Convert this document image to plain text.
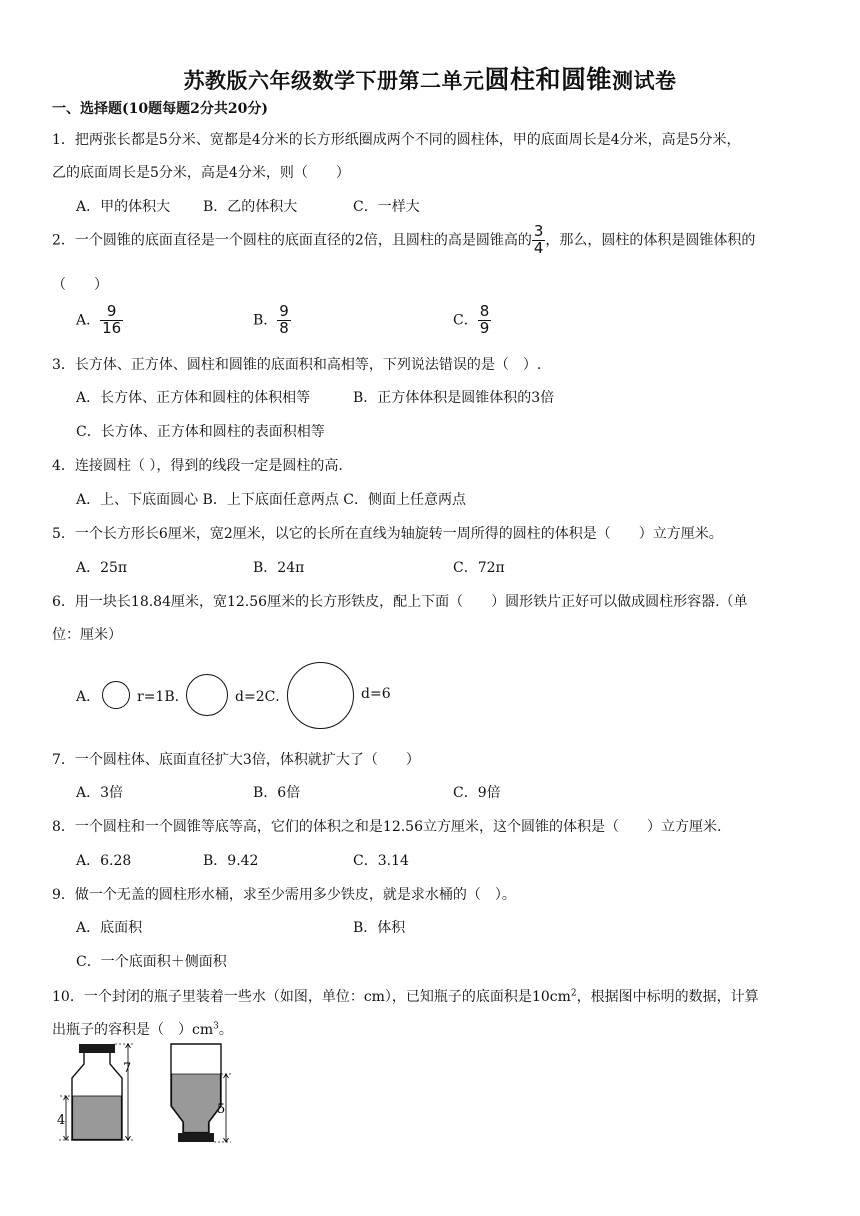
苏教版六年级数学下册第二单元圆柱和圆锥测试卷
一、选择题(10题每题2分共20分)
1．把两张长都是5分米、宽都是4分米的长方形纸圈成两个不同的圆柱体，甲的底面周长是4分米，高是5分米，
乙的底面周长是5分米，高是4分米，则（　　）
A．甲的体积大 B．乙的体积大	C．一样大
2．一个圆锥的底面直径是一个圆柱的底面直径的2倍，且圆柱的高是圆锥高的 $\frac{3}{4}$ ，那么，圆柱的体积是圆锥体积的
（　　）
A． $\frac{9}{16}$	B． $\frac{9}{8}$	C． $\frac{8}{9}$
3．长方体、正方体、圆柱和圆锥的底面积和高相等，下列说法错误的是（　）.
A．长方体、正方体和圆柱的体积相等	B．正方体体积是圆锥体积的3倍
C．长方体、正方体和圆柱的表面积相等
4．连接圆柱（ ），得到的线段一定是圆柱的高.
A．上、下底面圆心 B．上下底面任意两点 C．侧面上任意两点
5．一个长方形长6厘米，宽2厘米，以它的长所在直线为轴旋转一周所得的圆柱的体积是（　　）立方厘米。
A．25π	B．24π	C．72π
6．用一块长18.84厘米，宽12.56厘米的长方形铁皮，配上下面（　　）圆形铁片正好可以做成圆柱形容器.（单
位：厘米）
A．	r=1B．	d=2C．	d=6
7．一个圆柱体、底面直径扩大3倍，体积就扩大了（　　）
A．3倍	B．6倍	C．9倍
8．一个圆柱和一个圆锥等底等高，它们的体积之和是12.56立方厘米，这个圆锥的体积是（　　）立方厘米.
A．6.28	B．9.42	C．3.14
9．做一个无盖的圆柱形水桶，求至少需用多少铁皮，就是求水桶的（　）。
A．底面积	B．体积
C．一个底面积＋侧面积
10．一个封闭的瓶子里装着一些水（如图，单位：cm），已知瓶子的底面积是$10cm^2$，根据图中标明的数据，计算
出瓶子的容积是（　）$cm^3$。
4
7
5
